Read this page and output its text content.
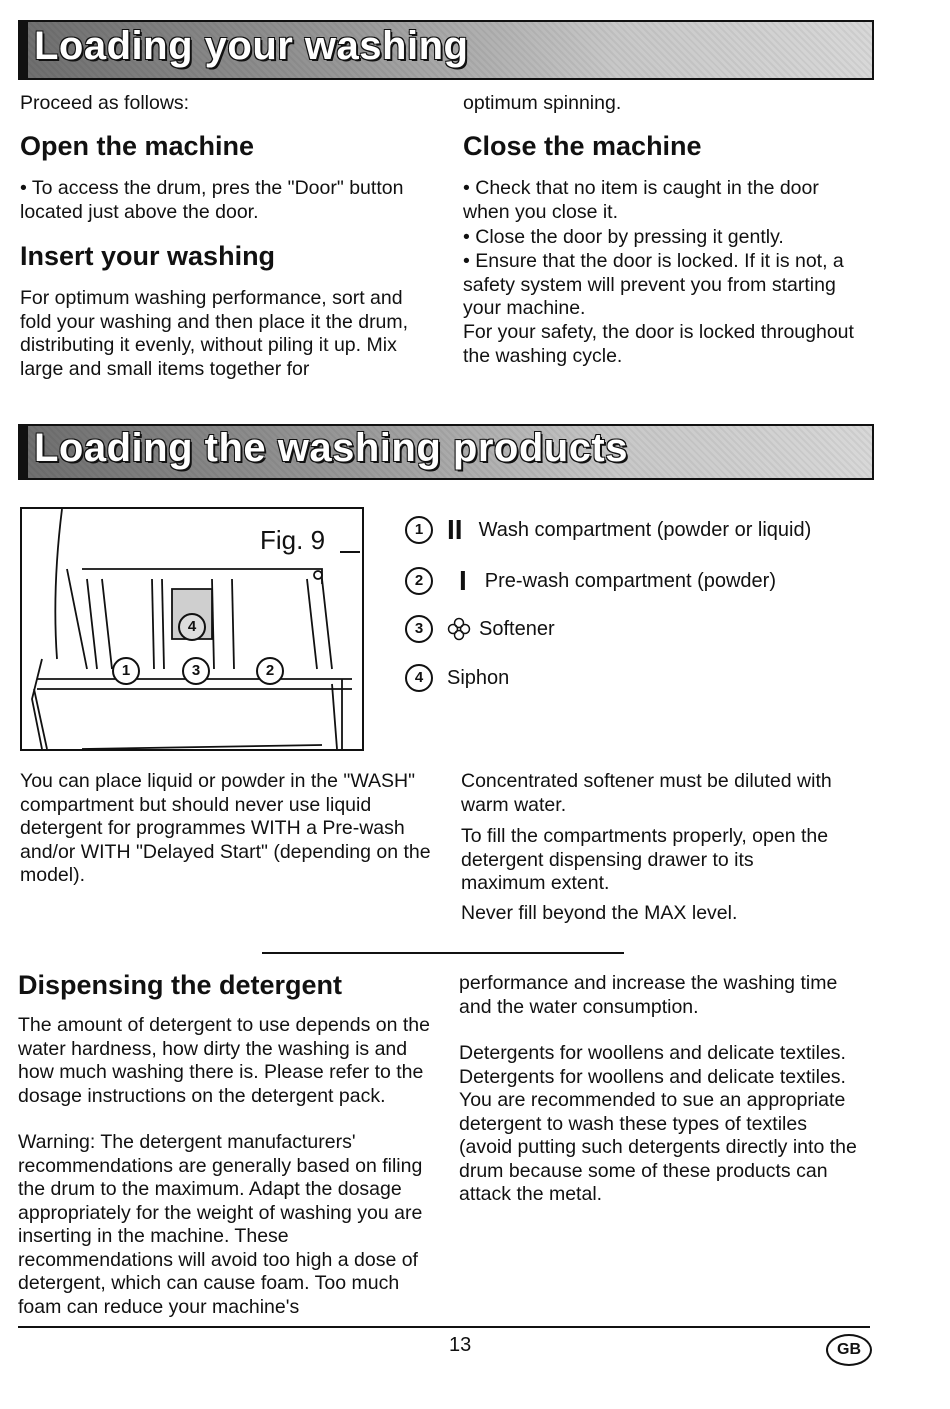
Loading your washing
Proceed as follows:
Open the machine
• To access the drum, pres the "Door" button located just above the door.
Insert your washing
For optimum washing performance, sort and fold your washing and then place it the drum, distributing it evenly, without piling it up. Mix large and small items together for
optimum spinning.
Close the machine
• Check that no item is caught in the door when you close it.
• Close the door by pressing it gently.
• Ensure that the door is locked. If it is not, a safety system will prevent you from starting your machine.
For your safety, the door is locked throughout the washing cycle.
Loading the washing products
Fig. 9
1	3	2
4
1 II Wash compartment (powder or liquid)
2	I Pre-wash compartment (powder)
3	Softener
4	Siphon
You can place liquid or powder in the "WASH" compartment but should never use liquid detergent for programmes WITH a Pre-wash and/or WITH "Delayed Start" (depending on the model).
Concentrated softener must be diluted with warm water.
To fill the compartments properly, open the detergent dispensing drawer to its maximum extent.
Never fill beyond the MAX level.
Dispensing the detergent
The amount of detergent to use depends on the water hardness, how dirty the washing is and how much washing there is. Please refer to the dosage instructions on the detergent pack.
Warning: The detergent manufacturers' recommendations are generally based on filing the drum to the maximum. Adapt the dosage appropriately for the weight of washing you are inserting in the machine. These recommendations will avoid too high a dose of detergent, which can cause foam. Too much foam can reduce your machine's
performance and increase the washing time and the water consumption.
Detergents for woollens and delicate textiles. Detergents for woollens and delicate textiles. You are recommended to sue an appropriate detergent to wash these types of textiles (avoid putting such detergents directly into the drum because some of these products can attack the metal.
13	GB
